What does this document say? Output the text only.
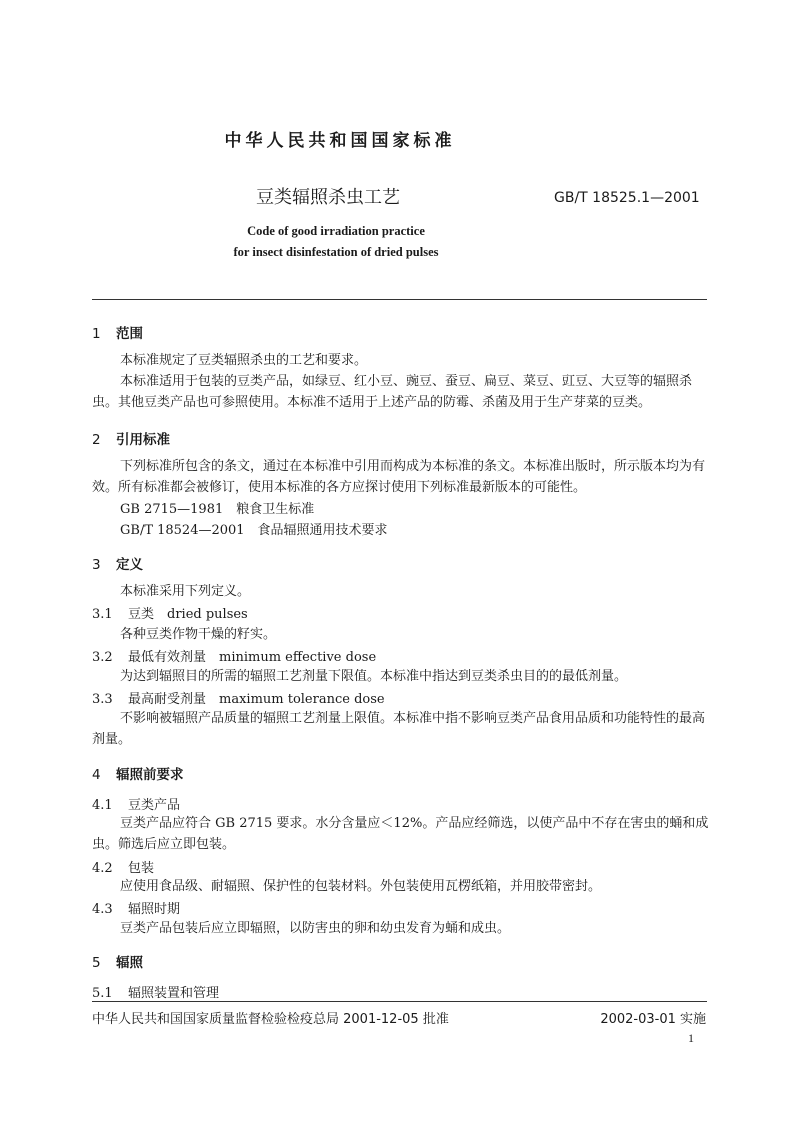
中华人民共和国国家标准
豆类辐照杀虫工艺	GB/T 18525.1—2001
Code of good irradiation practice
for insect disinfestation of dried pulses
1 范围
本标准规定了豆类辐照杀虫的工艺和要求。
本标准适用于包装的豆类产品，如绿豆、红小豆、豌豆、蚕豆、扁豆、菜豆、豇豆、大豆等的辐照杀虫。其他豆类产品也可参照使用。本标准不适用于上述产品的防霉、杀菌及用于生产芽菜的豆类。
2 引用标准
下列标准所包含的条文，通过在本标准中引用而构成为本标准的条文。本标准出版时，所示版本均为有效。所有标准都会被修订，使用本标准的各方应探讨使用下列标准最新版本的可能性。
GB 2715—1981　粮食卫生标准
GB/T 18524—2001　食品辐照通用技术要求
3 定义
本标准采用下列定义。
3.1 豆类　dried pulses
各种豆类作物干燥的籽实。
3.2 最低有效剂量　minimum effective dose
为达到辐照目的所需的辐照工艺剂量下限值。本标准中指达到豆类杀虫目的的最低剂量。
3.3 最高耐受剂量　maximum tolerance dose
不影响被辐照产品质量的辐照工艺剂量上限值。本标准中指不影响豆类产品食用品质和功能特性的最高剂量。
4 辐照前要求
4.1 豆类产品
豆类产品应符合 GB 2715 要求。水分含量应＜12%。产品应经筛选，以使产品中不存在害虫的蛹和成虫。筛选后应立即包装。
4.2 包装
应使用食品级、耐辐照、保护性的包装材料。外包装使用瓦楞纸箱，并用胶带密封。
4.3 辐照时期
豆类产品包装后应立即辐照，以防害虫的卵和幼虫发育为蛹和成虫。
5 辐照
5.1 辐照装置和管理
中华人民共和国国家质量监督检验检疫总局 2001-12-05 批准	2002-03-01 实施
1
